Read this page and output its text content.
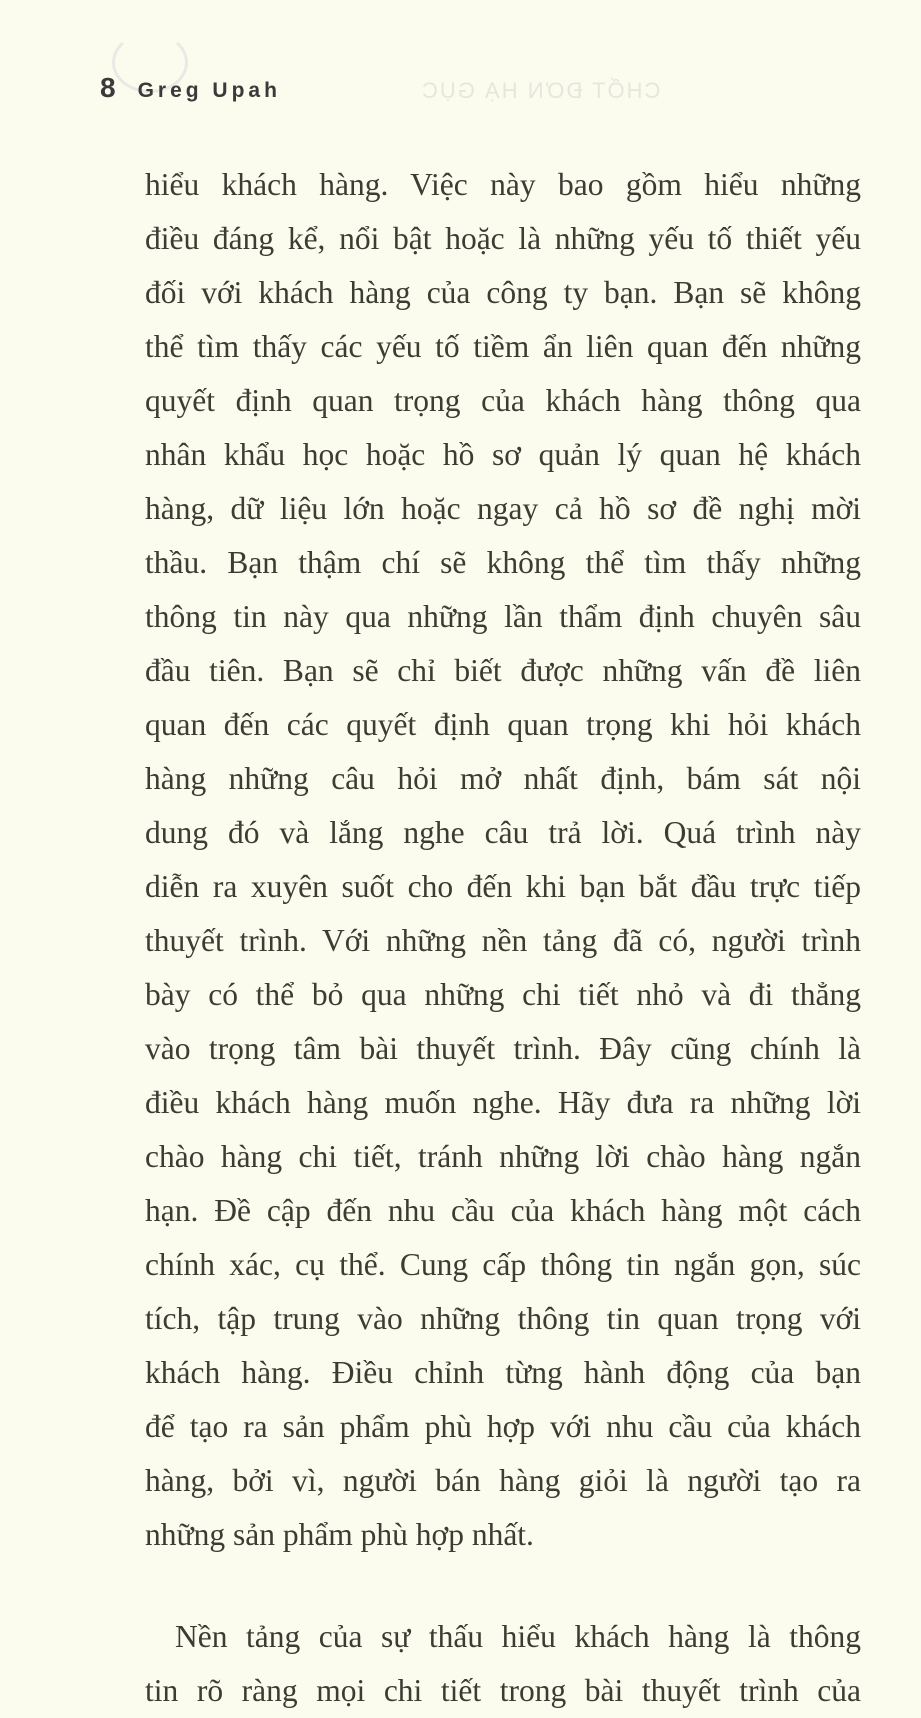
CHỐT ĐƠN HẠ GỤC
8 Greg Upah
hiểu khách hàng. Việc này bao gồm hiểu những
điều đáng kể, nổi bật hoặc là những yếu tố thiết yếu
đối với khách hàng của công ty bạn. Bạn sẽ không
thể tìm thấy các yếu tố tiềm ẩn liên quan đến những
quyết định quan trọng của khách hàng thông qua
nhân khẩu học hoặc hồ sơ quản lý quan hệ khách
hàng, dữ liệu lớn hoặc ngay cả hồ sơ đề nghị mời
thầu. Bạn thậm chí sẽ không thể tìm thấy những
thông tin này qua những lần thẩm định chuyên sâu
đầu tiên. Bạn sẽ chỉ biết được những vấn đề liên
quan đến các quyết định quan trọng khi hỏi khách
hàng những câu hỏi mở nhất định, bám sát nội
dung đó và lắng nghe câu trả lời. Quá trình này
diễn ra xuyên suốt cho đến khi bạn bắt đầu trực tiếp
thuyết trình. Với những nền tảng đã có, người trình
bày có thể bỏ qua những chi tiết nhỏ và đi thẳng
vào trọng tâm bài thuyết trình. Đây cũng chính là
điều khách hàng muốn nghe. Hãy đưa ra những lời
chào hàng chi tiết, tránh những lời chào hàng ngắn
hạn. Đề cập đến nhu cầu của khách hàng một cách
chính xác, cụ thể. Cung cấp thông tin ngắn gọn, súc
tích, tập trung vào những thông tin quan trọng với
khách hàng. Điều chỉnh từng hành động của bạn
để tạo ra sản phẩm phù hợp với nhu cầu của khách
hàng, bởi vì, người bán hàng giỏi là người tạo ra
những sản phẩm phù hợp nhất.
Nền tảng của sự thấu hiểu khách hàng là thông
tin rõ ràng mọi chi tiết trong bài thuyết trình của
